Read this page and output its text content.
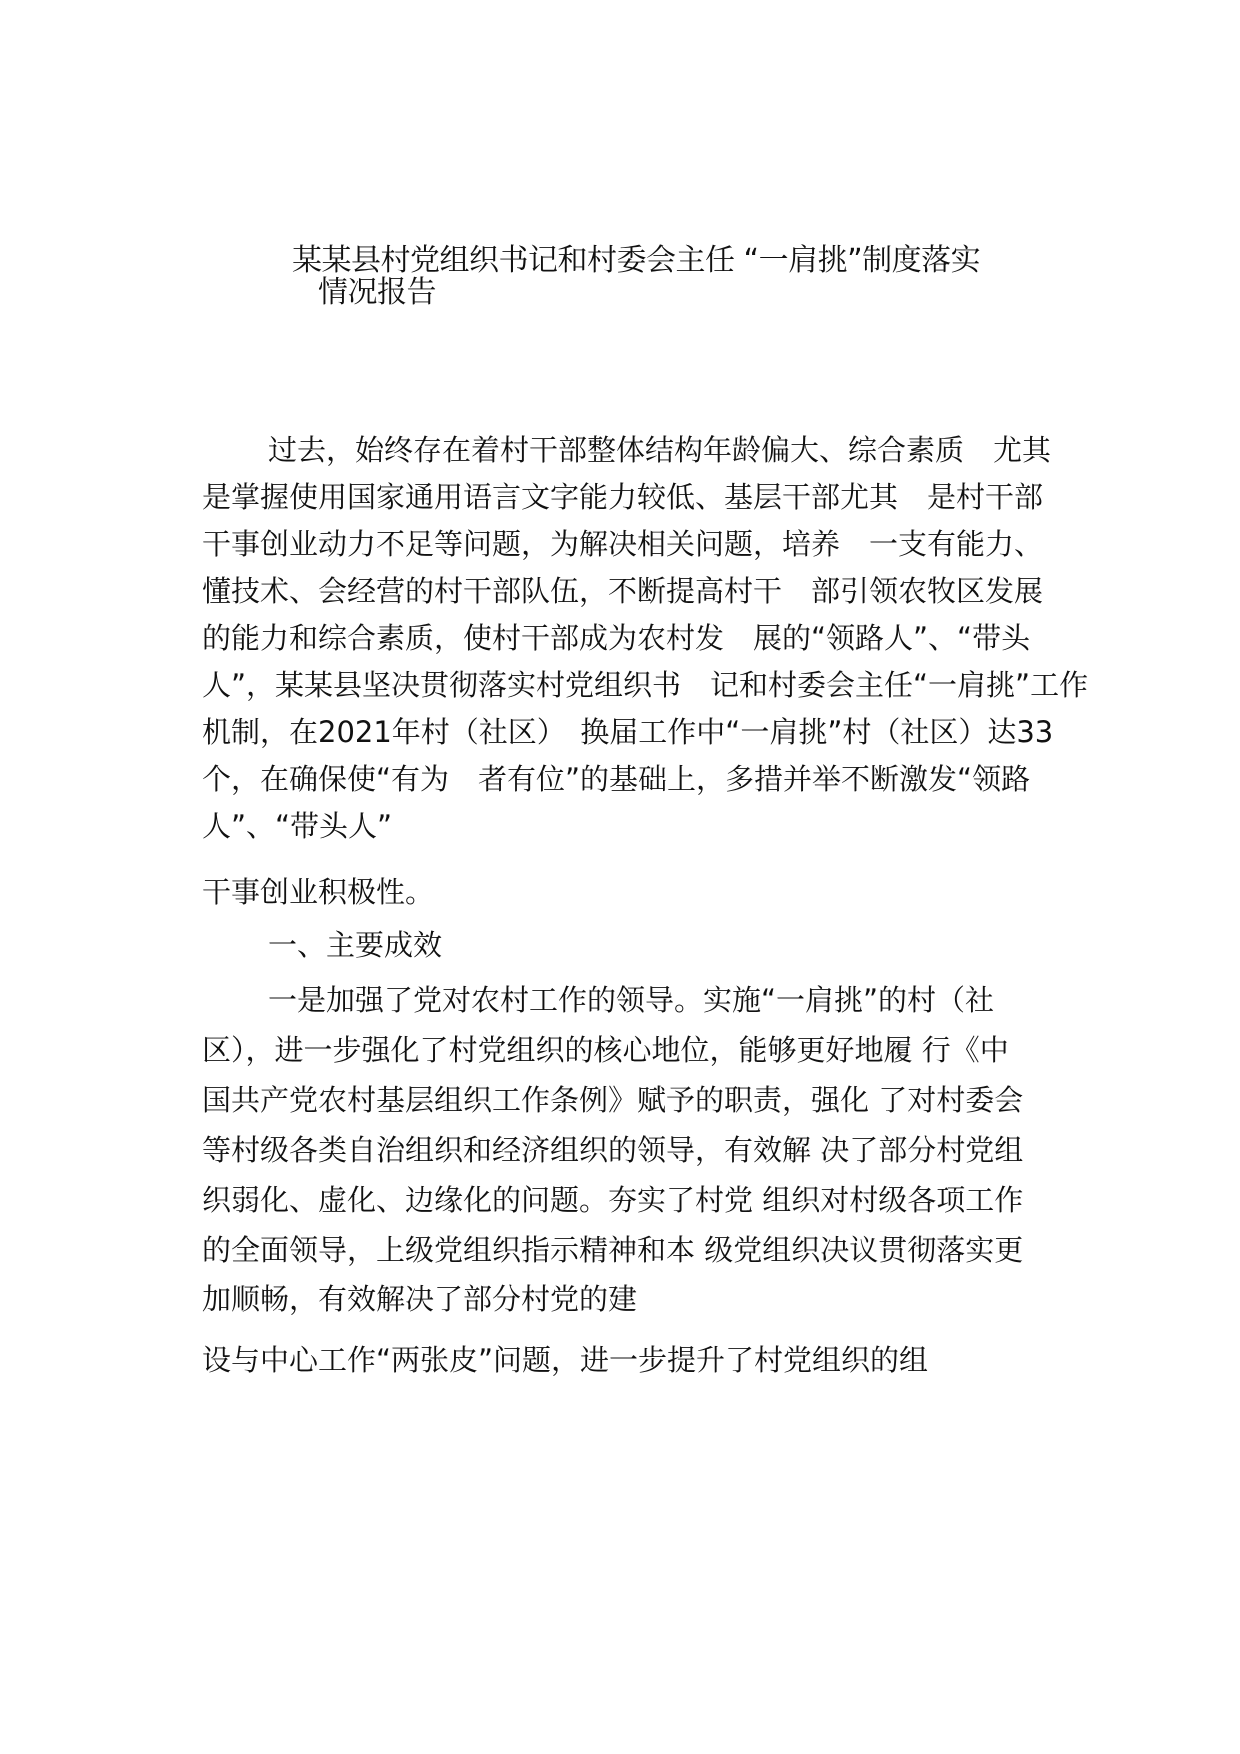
某某县村党组织书记和村委会主任 “一肩挑”制度落实
情况报告
过去，始终存在着村干部整体结构年龄偏大、综合素质　尤其
是掌握使用国家通用语言文字能力较低、基层干部尤其　是村干部
干事创业动力不足等问题，为解决相关问题，培养　一支有能力、
懂技术、会经营的村干部队伍，不断提高村干　部引领农牧区发展
的能力和综合素质，使村干部成为农村发　展的“领路人”、“带头
人”，某某县坚决贯彻落实村党组织书　记和村委会主任“一肩挑”工作
机制，在2021年村（社区）　换届工作中“一肩挑”村（社区）达33
个，在确保使“有为　者有位”的基础上，多措并举不断激发“领路
人”、“带头人”
干事创业积极性。
一、主要成效
一是加强了党对农村工作的领导。实施“一肩挑”的村（社
区），进一步强化了村党组织的核心地位，能够更好地履 行《中
国共产党农村基层组织工作条例》赋予的职责，强化 了对村委会
等村级各类自治组织和经济组织的领导，有效解 决了部分村党组
织弱化、虚化、边缘化的问题。夯实了村党 组织对村级各项工作
的全面领导，上级党组织指示精神和本 级党组织决议贯彻落实更
加顺畅，有效解决了部分村党的建
设与中心工作“两张皮”问题，进一步提升了村党组织的组
